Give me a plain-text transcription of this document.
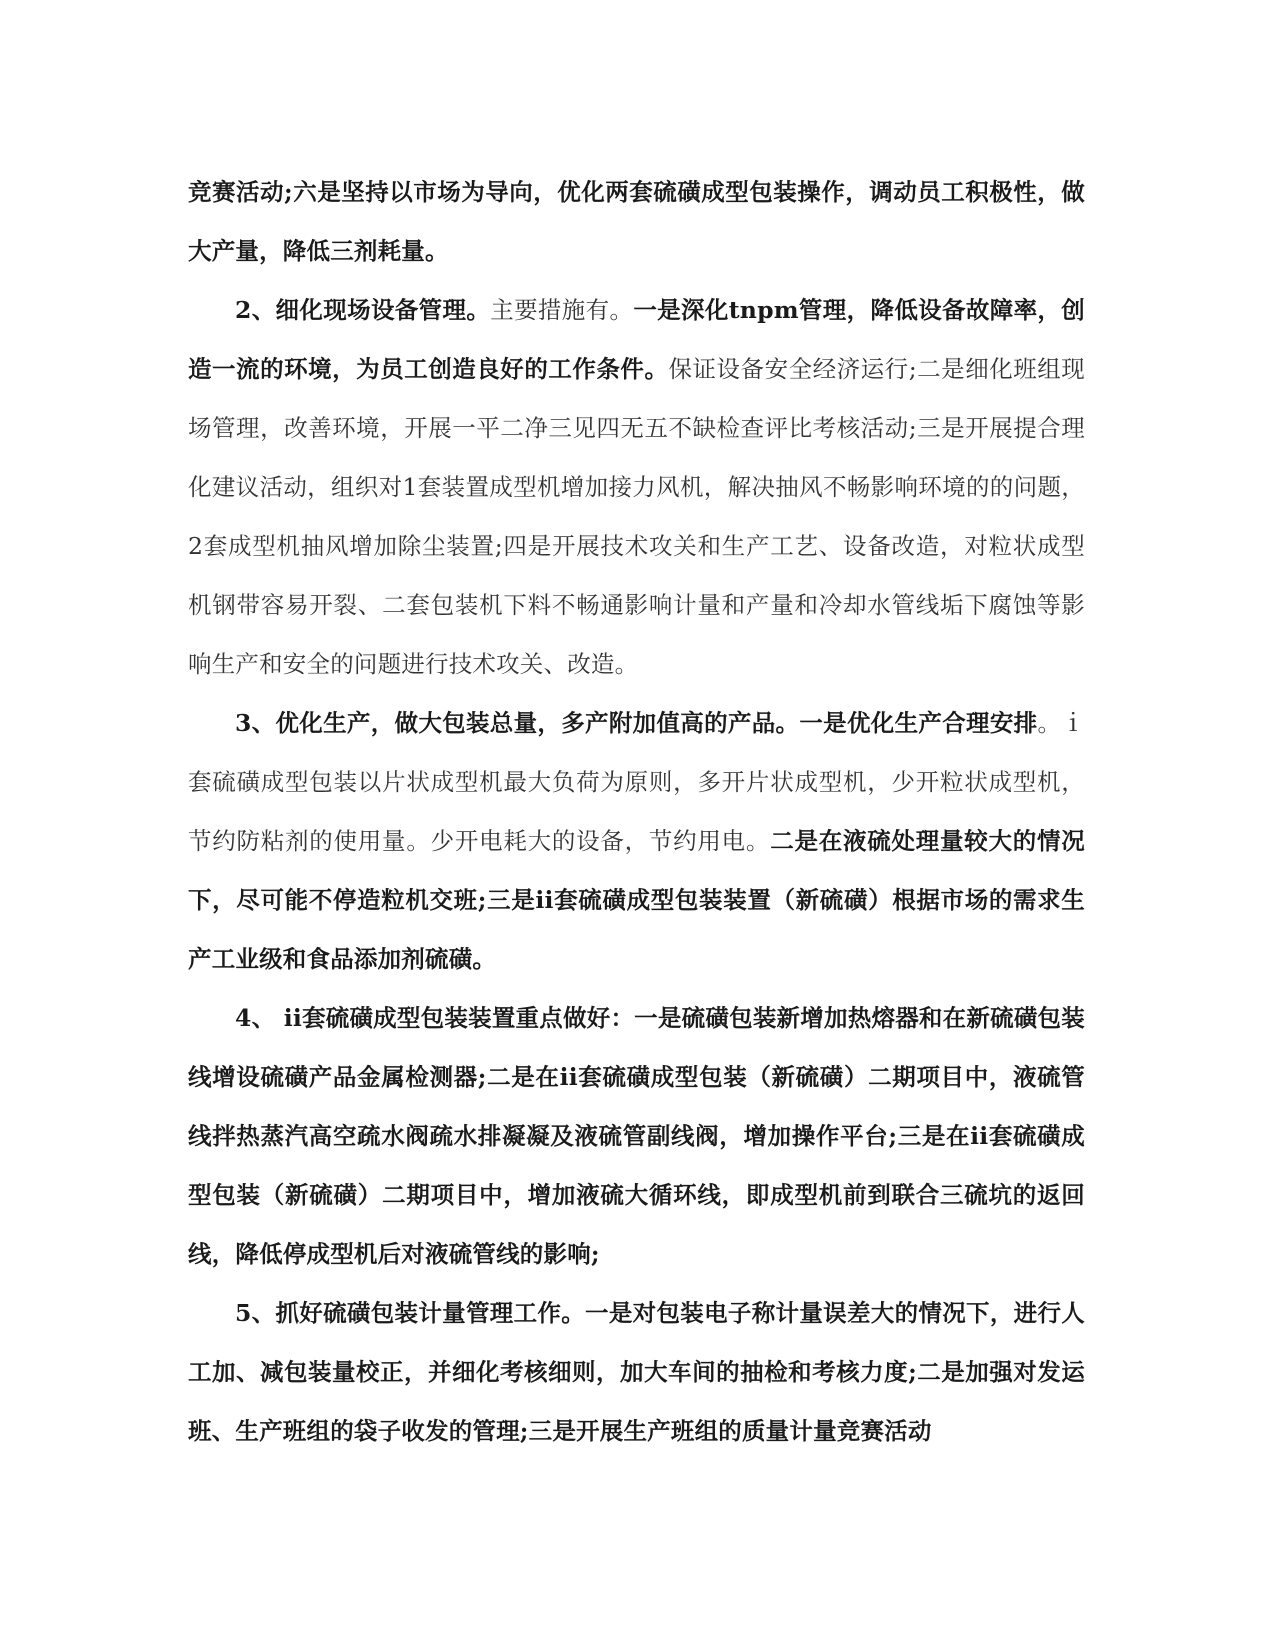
竞赛活动;六是坚持以市场为导向，优化两套硫磺成型包装操作，调动员工积极性，做大产量，降低三剂耗量。

2、细化现场设备管理。主要措施有。一是深化tnpm管理，降低设备故障率，创造一流的环境，为员工创造良好的工作条件。保证设备安全经济运行;二是细化班组现场管理，改善环境，开展一平二净三见四无五不缺检查评比考核活动;三是开展提合理化建议活动，组织对1套装置成型机增加接力风机，解决抽风不畅影响环境的的问题，2套成型机抽风增加除尘装置;四是开展技术攻关和生产工艺、设备改造，对粒状成型机钢带容易开裂、二套包装机下料不畅通影响计量和产量和冷却水管线垢下腐蚀等影响生产和安全的问题进行技术攻关、改造。

3、优化生产，做大包装总量，多产附加值高的产品。一是优化生产合理安排。ｉ套硫磺成型包装以片状成型机最大负荷为原则，多开片状成型机，少开粒状成型机，节约防粘剂的使用量。少开电耗大的设备，节约用电。二是在液硫处理量较大的情况下，尽可能不停造粒机交班;三是ii套硫磺成型包装装置（新硫磺）根据市场的需求生产工业级和食品添加剂硫磺。

4、 ii套硫磺成型包装装置重点做好：一是硫磺包装新增加热熔器和在新硫磺包装线增设硫磺产品金属检测器;二是在ii套硫磺成型包装（新硫磺）二期项目中，液硫管线拌热蒸汽高空疏水阀疏水排凝凝及液硫管副线阀，增加操作平台;三是在ii套硫磺成型包装（新硫磺）二期项目中，增加液硫大循环线，即成型机前到联合三硫坑的返回线，降低停成型机后对液硫管线的影响;

5、抓好硫磺包装计量管理工作。一是对包装电子称计量误差大的情况下，进行人工加、减包装量校正，并细化考核细则，加大车间的抽检和考核力度;二是加强对发运班、生产班组的袋子收发的管理;三是开展生产班组的质量计量竞赛活动
